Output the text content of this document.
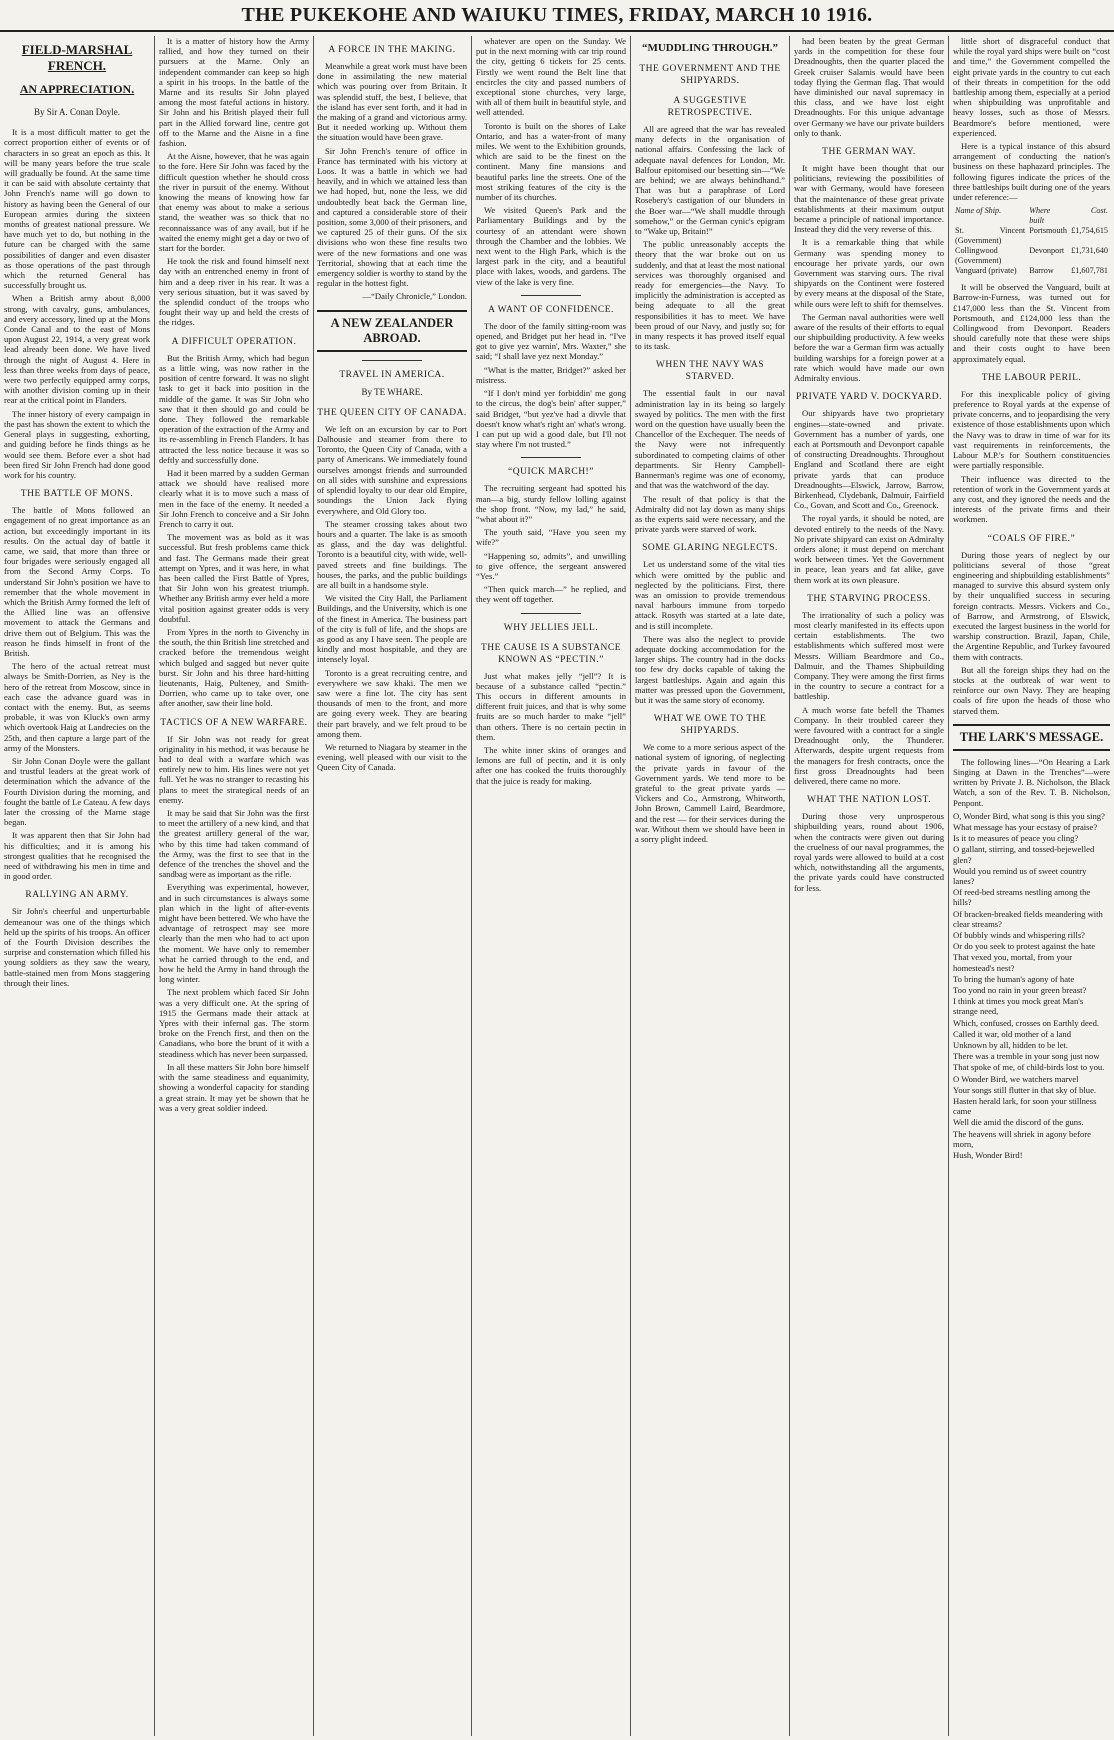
THE PUKEKOHE AND WAIUKU TIMES, FRIDAY, MARCH 10 1916.
FIELD-MARSHAL FRENCH.
AN APPRECIATION.
By Sir A. Conan Doyle.

It is a most difficult matter to get the correct proportion either of events or of characters in so great an epoch as this. It will be many years before the true scale will gradually be found. At the same time it can be said with absolute certainty that John French's name will go down to history as having been the General of our European armies during the sixteen months of greatest national pressure. We have much yet to do, but nothing in the future can be charged with the same possibilities of danger and even disaster as those operations of the past through which the returned General has successfully brought us.

When a British army about 8,000 strong, with cavalry, guns, ambulances, and every accessory, lined up at the Mons Conde Canal and to the east of Mons upon August 22, 1914, a very great work lead already been done. We have lived through the night of August 4. Here in less than three weeks from days of peace, were two perfectly equipped army corps, with another division coming up in their rear at the critical point in Flanders.

The inner history of every campaign in the past has shown the extent to which the General plays in suggesting, exhorting, and guiding before he finds things as he would see them. Before ever a shot had been fired Sir John French had done good work for his country.

THE BATTLE OF MONS.

The battle of Mons followed an engagement of no great importance as an action, but exceedingly important in its results. On the actual day of battle it came, we said, that more than three or four brigades were seriously engaged all from the Second Army Corps. To understand Sir John's position we have to remember that the whole movement in which the British Army formed the left of the Allied line was an offensive movement to attack the Germans and drive them out of Belgium. This was the reason he finds himself in front of the British.

The hero of the actual retreat must always be Smith-Dorrien, as Ney is the hero of the retreat from Moscow, since in each case the advance guard was in contact with the enemy. But, as seems probable, it was von Kluck's own army which overtook Haig at Landrecies on the 25th, and then capture a large part of the army of the Monsters.

Sir John Conan Doyle were the gallant and trustful leaders at the great work of determination which the advance of the Fourth Division during the morning, and fought the battle of Le Cateau. A few days later the crossing of the Marne stage began.

It was apparent then that Sir John had his difficulties; and it is among his strongest qualities that he recognised the need of withdrawing his men in time and in good order.

RALLYING AN ARMY.

Sir John's cheerful and unperturbable demeanour was one of the things which held up the spirits of his troops. An officer of the Fourth Division describes the surprise and consternation which filled his young soldiers as they saw the weary, battle-stained men from Mons staggering through their lines.

It is a matter of history how the Army rallied, and how they turned on their pursuers at the Marne. Only an independent commander can keep so high a spirit in his troops. In the battle of the Marne and its results Sir John played among the most fateful actions in history. Sir John and his British played their full part in the Allied forward line, centre got off to the Marne and the Aisne in a fine fashion.

At the Aisne, however, that he was again to the fore. Here Sir John was faced by the difficult question whether he should cross the river in pursuit of the enemy. Without knowing the means of knowing how far that enemy was about to make a serious stand, the weather was so thick that no reconnaissance was of any avail, but if he waited the enemy might get a day or two of start for the border.

He took the risk and found himself next day with an entrenched enemy in front of him and a deep river in his rear. It was a very serious situation, but it was saved by the splendid conduct of the troops who fought their way up and held the crests of the ridges.

A DIFFICULT OPERATION.

But the British Army, which had begun as a little wing, was now rather in the position of centre forward. It was no slight task to get it back into position in the middle of the game. It was Sir John who saw that it then should go and could be done. They followed the remarkable operation of the extraction of the Army and its re-assembling in French Flanders. It has attracted the less notice because it was so deftly and successfully done.

Had it been marred by a sudden German attack we should have realised more clearly what it is to move such a mass of men in the face of the enemy. It needed a Sir John French to conceive and a Sir John French to carry it out.

The movement was as bold as it was successful. But fresh problems came thick and fast. The Germans made their great attempt on Ypres, and it was here, in what has been called the First Battle of Ypres, that Sir John won his greatest triumph. Whether any British army ever held a more vital position against greater odds is very doubtful.

From Ypres in the north to Givenchy in the south, the thin British line stretched and cracked before the tremendous weight which bulged and sagged but never quite burst. Sir John and his three hard-hitting lieutenants, Haig, Pulteney, and Smith-Dorrien, who came up to take over, one after another, saw their line hold.

TACTICS OF A NEW WARFARE.

If Sir John was not ready for great originality in his method, it was because he had to deal with a warfare which was entirely new to him. His lines were not yet full. Yet he was no stranger to recasting his plans to meet the strategical needs of an enemy.

It may be said that Sir John was the first to meet the artillery of a new kind, and that the greatest artillery general of the war, who by this time had taken command of the Army, was the first to see that in the defence of the trenches the shovel and the sandbag were as important as the rifle.

Everything was experimental, however, and in such circumstances is always some plan which in the light of after-events might have been bettered. We who have the advantage of retrospect may see more clearly than the men who had to act upon the moment. We have only to remember what he carried through to the end, and how he held the Army in hand through the long winter.

The next problem which faced Sir John was a very difficult one. At the spring of 1915 the Germans made their attack at Ypres with their infernal gas. The storm broke on the French first, and then on the Canadians, who bore the brunt of it with a steadiness which has never been surpassed.

In all these matters Sir John bore himself with the same steadiness and equanimity, showing a wonderful capacity for standing a great strain. It may yet be shown that he was a very great soldier indeed.

A FORCE IN THE MAKING.

Meanwhile a great work must have been done in assimilating the new material which was pouring over from Britain. It was splendid stuff, the best, I believe, that the island has ever sent forth, and it had in the making of a grand and victorious army. But it needed working up. Without them the situation would have been grave.

Sir John French's tenure of office in France has terminated with his victory at Loos. It was a battle in which we had heavily, and in which we attained less than we had hoped, but, none the less, we did undoubtedly beat back the German line, and captured a considerable store of their position, some 3,000 of their prisoners, and we captured 25 of their guns. Of the six divisions who won these fine results two were of the new formations and one was Territorial, showing that at each time the emergency soldier is worthy to stand by the regular in the hottest fight.

—“Daily Chronicle,” London.

A NEW ZEALANDER ABROAD.
TRAVEL IN AMERICA.
By TE WHARE.
THE QUEEN CITY OF CANADA.

We left on an excursion by car to Port Dalhousie and steamer from there to Toronto, the Queen City of Canada, with a party of Americans. We immediately found ourselves amongst friends and surrounded on all sides with sunshine and expressions of splendid loyalty to our dear old Empire, soundings the Union Jack flying everywhere, and Old Glory too.

The steamer crossing takes about two hours and a quarter. The lake is as smooth as glass, and the day was delightful. Toronto is a beautiful city, with wide, well-paved streets and fine buildings. The houses, the parks, and the public buildings are all built in a handsome style.

We visited the City Hall, the Parliament Buildings, and the University, which is one of the finest in America. The business part of the city is full of life, and the shops are as good as any I have seen. The people are kindly and most hospitable, and they are intensely loyal.

Toronto is a great recruiting centre, and everywhere we saw khaki. The men we saw were a fine lot. The city has sent thousands of men to the front, and more are going every week. They are bearing their part bravely, and we felt proud to be among them.

We returned to Niagara by steamer in the evening, well pleased with our visit to the Queen City of Canada.

whatever are open on the Sunday. We put in the next morning with car trip round the city, getting 6 tickets for 25 cents. Firstly we went round the Belt line that encircles the city and passed numbers of exceptional stone churches, very large, with all of them built in beautiful style, and well attended.

Toronto is built on the shores of Lake Ontario, and has a water-front of many miles. We went to the Exhibition grounds, which are said to be the finest on the continent. Many fine mansions and beautiful parks line the streets. One of the most striking features of the city is the number of its churches.

We visited Queen's Park and the Parliamentary Buildings and by the courtesy of an attendant were shown through the Chamber and the lobbies. We next went to the High Park, which is the largest park in the city, and a beautiful place with lakes, woods, and gardens. The view of the lake is very fine.

A WANT OF CONFIDENCE.

The door of the family sitting-room was opened, and Bridget put her head in. “I've got to give yez warnin', Mrs. Waxter,” she said; “I shall lave yez next Monday.”

“What is the matter, Bridget?” asked her mistress.

“If I don't mind yer forbiddin' me gong to the circus, the dog's bein' after supper,” said Bridget, “but yez've had a divvle that doesn't know what's right an' what's wrong. I can put up wid a good dale, but I'll not stay where I'm not trusted.”

“QUICK MARCH!”

The recruiting sergeant had spotted his man—a big, sturdy fellow lolling against the shop front. “Now, my lad,” he said, “what about it?”

The youth said, “Have you seen my wife?”

“Happening so, admits”, and unwilling to give offence, the sergeant answered “Yes.”

“Then quick march—” he replied, and they went off together.

WHY JELLIES JELL.
THE CAUSE IS A SUBSTANCE KNOWN AS “PECTIN.”

Just what makes jelly “jell”? It is because of a substance called “pectin.” This occurs in different amounts in different fruit juices, and that is why some fruits are so much harder to make “jell” than others. There is no certain pectin in them.

The white inner skins of oranges and lemons are full of pectin, and it is only after one has cooked the fruits thoroughly that the juice is ready for making.

“MUDDLING THROUGH.”
THE GOVERNMENT AND THE SHIPYARDS.
A SUGGESTIVE RETROSPECTIVE.

All are agreed that the war has revealed many defects in the organisation of national affairs. Confessing the lack of adequate naval defences for London, Mr. Balfour epitomised our besetting sin—“We are behind; we are always behindhand.” That was but a paraphrase of Lord Rosebery's castigation of our blunders in the Boer war—“We shall muddle through somehow,” or the German cynic's epigram to “Wake up, Britain!”

The public unreasonably accepts the theory that the war broke out on us suddenly, and that at least the most national services was thoroughly organised and ready for emergencies—the Navy. To implicitly the administration is accepted as being adequate to all the great responsibilities it has to meet. We have been proud of our Navy, and justly so; for in many respects it has proved itself equal to its task.

WHEN THE NAVY WAS STARVED.

The essential fault in our naval administration lay in its being so largely swayed by politics. The men with the first word on the question have usually been the Chancellor of the Exchequer. The needs of the Navy were not infrequently subordinated to competing claims of other departments. Sir Henry Campbell-Bannerman's regime was one of economy, and that was the watchword of the day.

The result of that policy is that the Admiralty did not lay down as many ships as the experts said were necessary, and the private yards were starved of work.

SOME GLARING NEGLECTS.

Let us understand some of the vital ties which were omitted by the public and neglected by the politicians. First, there was an omission to provide tremendous naval harbours immune from torpedo attack. Rosyth was started at a late date, and is still incomplete.

There was also the neglect to provide adequate docking accommodation for the larger ships. The country had in the docks too few dry docks capable of taking the largest battleships. Again and again this matter was pressed upon the Government, but it was the same story of economy.

WHAT WE OWE TO THE SHIPYARDS.

We come to a more serious aspect of the national system of ignoring, of neglecting the private yards in favour of the Government yards. We tend more to be grateful to the great private yards — Vickers and Co., Armstrong, Whitworth, John Brown, Cammell Laird, Beardmore, and the rest — for their services during the war. Without them we should have been in a sorry plight indeed.

had been beaten by the great German yards in the competition for these four Dreadnoughts, then the quarter placed the Greek cruiser Salamis would have been today flying the German flag. That would have diminished our naval supremacy in this class, and we have lost eight Dreadnoughts. For this unique advantage over Germany we have our private builders only to thank.

THE GERMAN WAY.

It might have been thought that our politicians, reviewing the possibilities of war with Germany, would have foreseen that the maintenance of these great private establishments at their maximum output became a principle of national importance. Instead they did the very reverse of this.

It is a remarkable thing that while Germany was spending money to encourage her private yards, our own Government was starving ours. The rival shipyards on the Continent were fostered by every means at the disposal of the State, while ours were left to shift for themselves.

The German naval authorities were well aware of the results of their efforts to equal our shipbuilding productivity. A few weeks before the war a German firm was actually building warships for a foreign power at a rate which would have made our own Admiralty envious.

PRIVATE YARD V. DOCKYARD.

Our shipyards have two proprietary engines—state-owned and private. Government has a number of yards, one each at Portsmouth and Devonport capable of constructing Dreadnoughts. Throughout England and Scotland there are eight private yards that can produce Dreadnoughts—Elswick, Jarrow, Barrow, Birkenhead, Clydebank, Dalmuir, Fairfield Co., Govan, and Scott and Co., Greenock.

The royal yards, it should be noted, are devoted entirely to the needs of the Navy. No private shipyard can exist on Admiralty orders alone; it must depend on merchant work between times. Yet the Government in peace, lean years and fat alike, gave them work at its own pleasure.

THE STARVING PROCESS.

The irrationality of such a policy was most clearly manifested in its effects upon certain establishments. The two establishments which suffered most were Messrs. William Beardmore and Co., Dalmuir, and the Thames Shipbuilding Company. They were among the first firms in the country to secure a contract for a battleship.

A much worse fate befell the Thames Company. In their troubled career they were favoured with a contract for a single Dreadnought only, the Thunderer. Afterwards, despite urgent requests from the managers for fresh contracts, once the first gross Dreadnoughts had been delivered, there came no more.

WHAT THE NATION LOST.

During those very unprosperous shipbuilding years, round about 1906, when the contracts were given out during the cruelness of our naval programmes, the royal yards were allowed to build at a cost which, notwithstanding all the arguments, the private yards could have constructed for less.

little short of disgraceful conduct that while the royal yard ships were built on “cost and time,” the Government compelled the eight private yards in the country to cut each of their threats in competition for the odd battleship among them, especially at a period when shipbuilding was unprofitable and heavy losses, such as those of Messrs. Beardmore's before mentioned, were experienced.

Here is a typical instance of this absurd arrangement of conducting the nation's business on these haphazard principles. The following figures indicate the prices of the three battleships built during one of the years under reference:—

Name of Ship.	Where built	Cost.
St. Vincent (Government)	Portsmouth	£1,754,615
Collingwood (Government)	Devonport	£1,731,640
Vanguard (private)	Barrow	£1,607,781

It will be observed the Vanguard, built at Barrow-in-Furness, was turned out for £147,000 less than the St. Vincent from Portsmouth, and £124,000 less than the Collingwood from Devonport. Readers should carefully note that these were ships and their costs ought to have been approximately equal.

THE LABOUR PERIL.

For this inexplicable policy of giving preference to Royal yards at the expense of private concerns, and to jeopardising the very existence of those establishments upon which the Navy was to draw in time of war for its vast requirements in reinforcements, the Labour M.P.'s for Southern constituencies were partially responsible.

Their influence was directed to the retention of work in the Government yards at any cost, and they ignored the needs and the interests of the private firms and their workmen.

“COALS OF FIRE.”

During those years of neglect by our politicians several of those “great engineering and shipbuilding establishments” managed to survive this absurd system only by their unqualified success in securing foreign contracts. Messrs. Vickers and Co., of Barrow, and Armstrong, of Elswick, executed the largest business in the world for warship construction. Brazil, Japan, Chile, the Argentine Republic, and Turkey favoured them with contracts.

But all the foreign ships they had on the stocks at the outbreak of war went to reinforce our own Navy. They are heaping coals of fire upon the heads of those who starved them.

THE LARK'S MESSAGE.

The following lines—“On Hearing a Lark Singing at Dawn in the Trenches”—were written by Private J. B. Nicholson, the Black Watch, a son of the Rev. T. B. Nicholson, Penpont.

O, Wonder Bird, what song is this you sing?

What message has your ecstasy of praise?

Is it to measures of peace you cling?

O gallant, stirring, and tossed-bejewelled glen?

Would you remind us of sweet country lanes?

Of reed-bed streams nestling among the hills?

Of bracken-breaked fields meandering with clear streams?

Of bubbly winds and whispering rills?

Or do you seek to protest against the hate

That vexed you, mortal, from your homestead's nest?

To bring the human's agony of hate

Too yond no rain in your green breast?

I think at times you mock great Man's strange need,

Which, confused, crosses on Earthly deed.

Called it war, old mother of a land

Unknown by all, hidden to be let.

There was a tremble in your song just now

That spoke of me, of child-birds lost to you.

O Wonder Bird, we watchers marvel

Your songs still flutter in that sky of blue.

Hasten herald lark, for soon your stillness came

Well die amid the discord of the guns.

The heavens will shriek in agony before morn,

Hush, Wonder Bird!
